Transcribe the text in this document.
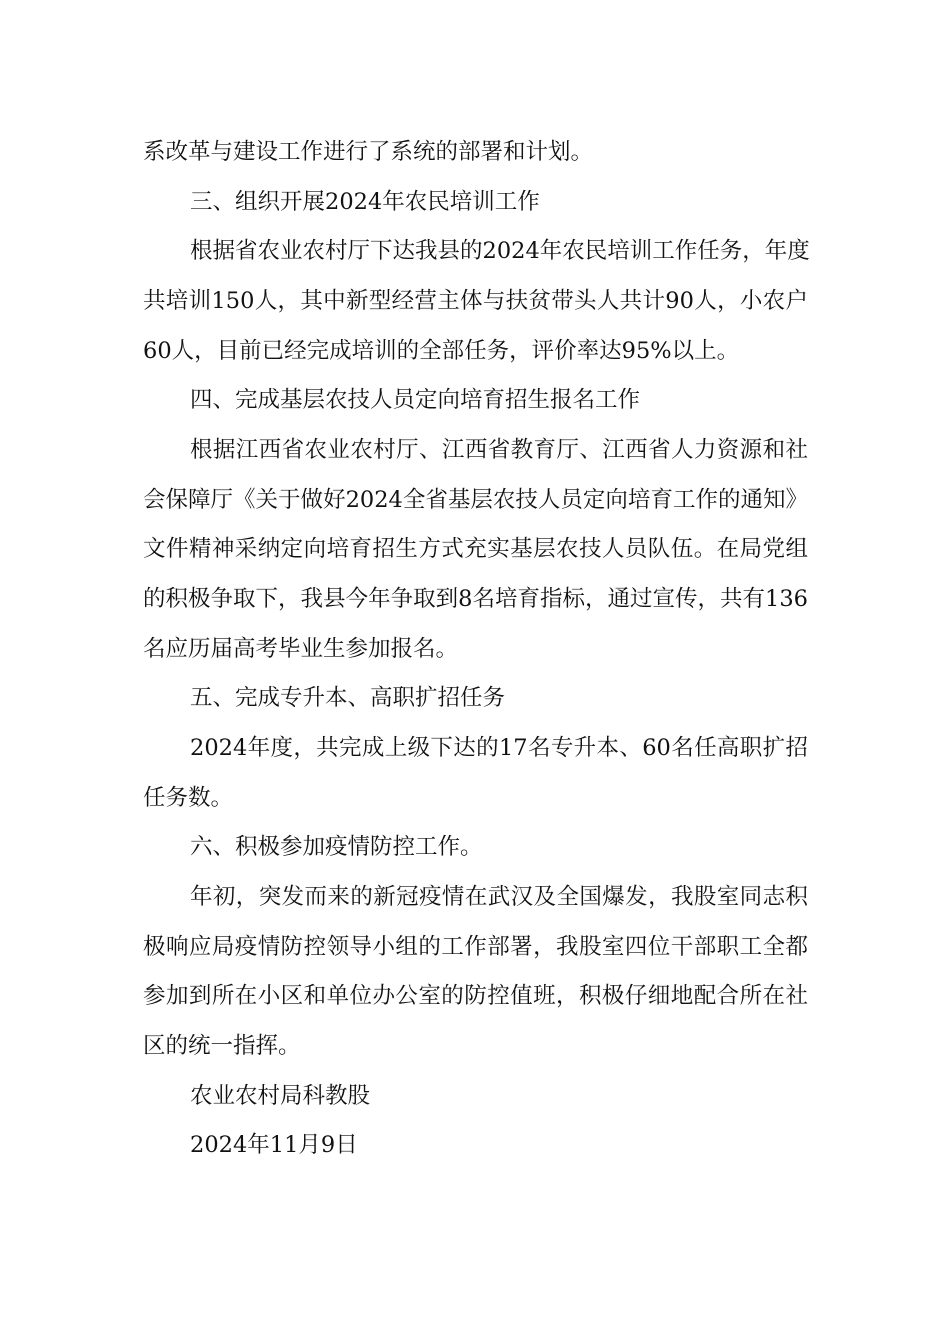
系改革与建设工作进行了系统的部署和计划。

三、组织开展2024年农民培训工作

根据省农业农村厅下达我县的2024年农民培训工作任务，年度

共培训150人，其中新型经营主体与扶贫带头人共计90人，小农户

60人，目前已经完成培训的全部任务，评价率达95%以上。

四、完成基层农技人员定向培育招生报名工作

根据江西省农业农村厅、江西省教育厅、江西省人力资源和社

会保障厅《关于做好2024全省基层农技人员定向培育工作的通知》

文件精神采纳定向培育招生方式充实基层农技人员队伍。在局党组

的积极争取下，我县今年争取到8名培育指标，通过宣传，共有136

名应历届高考毕业生参加报名。

五、完成专升本、高职扩招任务

2024年度，共完成上级下达的17名专升本、60名任高职扩招

任务数。

六、积极参加疫情防控工作。

年初，突发而来的新冠疫情在武汉及全国爆发，我股室同志积

极响应局疫情防控领导小组的工作部署，我股室四位干部职工全都

参加到所在小区和单位办公室的防控值班，积极仔细地配合所在社

区的统一指挥。

农业农村局科教股

2024年11月9日
